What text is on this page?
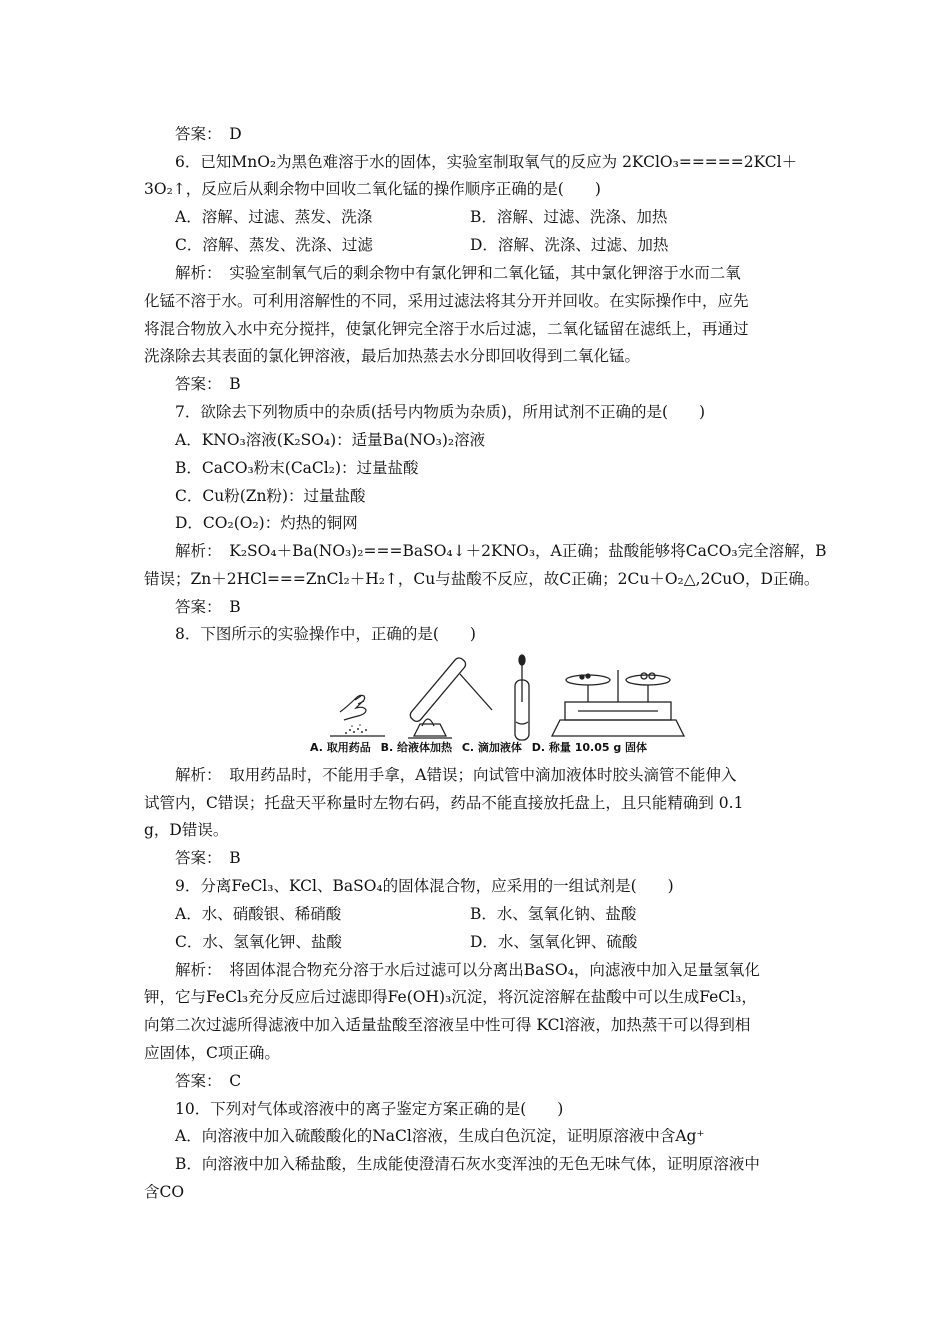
答案：　D
6．已知MnO₂为黑色难溶于水的固体，实验室制取氧气的反应为 2KClO₃=====2KCl＋
3O₂↑，反应后从剩余物中回收二氧化锰的操作顺序正确的是(　　)
A．溶解、过滤、蒸发、洗涤	B．溶解、过滤、洗涤、加热
C．溶解、蒸发、洗涤、过滤	D．溶解、洗涤、过滤、加热
解析：　实验室制氧气后的剩余物中有氯化钾和二氧化锰，其中氯化钾溶于水而二氧
化锰不溶于水。可利用溶解性的不同，采用过滤法将其分开并回收。在实际操作中，应先
将混合物放入水中充分搅拌，使氯化钾完全溶于水后过滤，二氧化锰留在滤纸上，再通过
洗涤除去其表面的氯化钾溶液，最后加热蒸去水分即回收得到二氧化锰。
答案：　B
7．欲除去下列物质中的杂质(括号内物质为杂质)，所用试剂不正确的是(　　)
A．KNO₃溶液(K₂SO₄)：适量Ba(NO₃)₂溶液
B．CaCO₃粉末(CaCl₂)：过量盐酸
C．Cu粉(Zn粉)：过量盐酸
D．CO₂(O₂)：灼热的铜网
解析：　K₂SO₄＋Ba(NO₃)₂===BaSO₄↓＋2KNO₃，A正确；盐酸能够将CaCO₃完全溶解，B
错误；Zn＋2HCl===ZnCl₂＋H₂↑，Cu与盐酸不反应，故C正确；2Cu＋O₂△,2CuO，D正确。
答案：　B
8．下图所示的实验操作中，正确的是(　　)
A. 取用药品 B. 给液体加热 C. 滴加液体 D. 称量 10.05 g 固体
解析：　取用药品时，不能用手拿，A错误；向试管中滴加液体时胶头滴管不能伸入
试管内，C错误；托盘天平称量时左物右码，药品不能直接放托盘上，且只能精确到 0.1
g，D错误。
答案：　B
9．分离FeCl₃、KCl、BaSO₄的固体混合物，应采用的一组试剂是(　　)
A．水、硝酸银、稀硝酸	B．水、氢氧化钠、盐酸
C．水、氢氧化钾、盐酸	D．水、氢氧化钾、硫酸
解析：　将固体混合物充分溶于水后过滤可以分离出BaSO₄，向滤液中加入足量氢氧化
钾，它与FeCl₃充分反应后过滤即得Fe(OH)₃沉淀，将沉淀溶解在盐酸中可以生成FeCl₃，
向第二次过滤所得滤液中加入适量盐酸至溶液呈中性可得 KCl溶液，加热蒸干可以得到相
应固体，C项正确。
答案：　C
10．下列对气体或溶液中的离子鉴定方案正确的是(　　)
A．向溶液中加入硫酸酸化的NaCl溶液，生成白色沉淀，证明原溶液中含Ag⁺
B．向溶液中加入稀盐酸，生成能使澄清石灰水变浑浊的无色无味气体，证明原溶液中
含CO
